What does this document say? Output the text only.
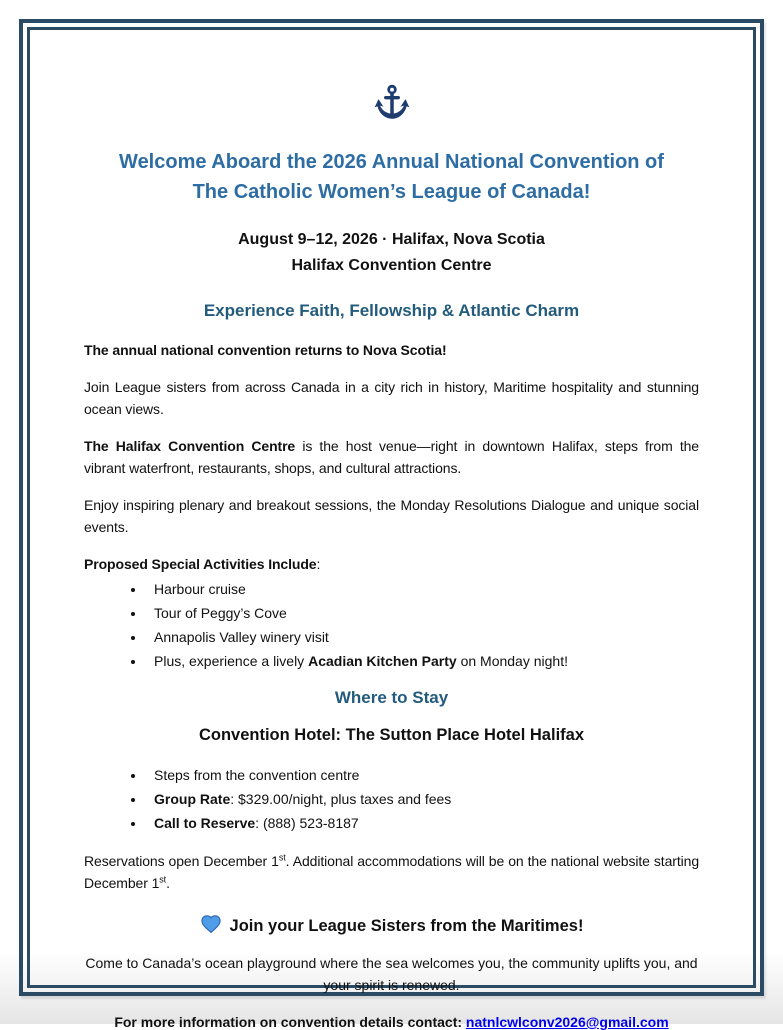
Welcome Aboard the 2026 Annual National Convention of
The Catholic Women’s League of Canada!
August 9–12, 2026 · Halifax, Nova Scotia
Halifax Convention Centre
Experience Faith, Fellowship & Atlantic Charm

The annual national convention returns to Nova Scotia!

Join League sisters from across Canada in a city rich in history, Maritime hospitality and stunning ocean views.

The Halifax Convention Centre is the host venue—right in downtown Halifax, steps from the vibrant waterfront, restaurants, shops, and cultural attractions.

Enjoy inspiring plenary and breakout sessions, the Monday Resolutions Dialogue and unique social events.

Proposed Special Activities Include:
• Harbour cruise
• Tour of Peggy’s Cove
• Annapolis Valley winery visit
• Plus, experience a lively Acadian Kitchen Party on Monday night!
Where to Stay
Convention Hotel: The Sutton Place Hotel Halifax
• Steps from the convention centre
• Group Rate: $329.00/night, plus taxes and fees
• Call to Reserve: (888) 523-8187

Reservations open December 1st. Additional accommodations will be on the national website starting December 1st.

Join your League Sisters from the Maritimes!

Come to Canada’s ocean playground where the sea welcomes you, the community uplifts you, and your spirit is renewed.

For more information on convention details contact: natnlcwlconv2026@gmail.com
